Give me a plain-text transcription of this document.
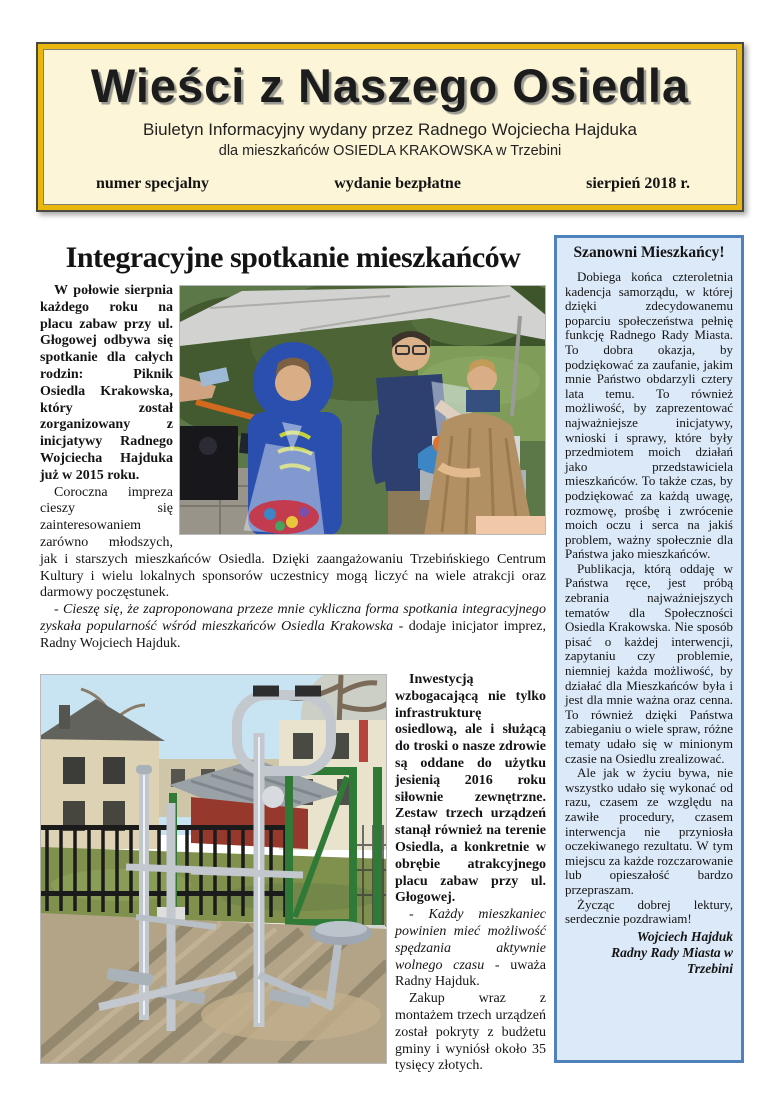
Wieści z Naszego Osiedla
Biuletyn Informacyjny wydany przez Radnego Wojciecha Hajduka
dla mieszkańców OSIEDLA KRAKOWSKA w Trzebini
numer specjalny	wydanie bezpłatne	sierpień 2018 r.
Integracyjne spotkanie mieszkańców

W połowie sierpnia każdego roku na placu zabaw przy ul. Głogowej odbywa się spotkanie dla całych rodzin: Piknik Osiedla Krakowska, który został zorganizowany z inicjatywy Radnego Wojciecha Hajduka już w 2015 roku.

Coroczna impreza cieszy się zainteresowaniem zarówno młodszych, jak i starszych mieszkańców Osiedla. Dzięki zaangażowaniu Trzebińskiego Centrum Kultury i wielu lokalnych sponsorów uczestnicy mogą liczyć na wiele atrakcji oraz darmowy poczęstunek.

- Cieszę się, że zaproponowana przeze mnie cykliczna forma spotkania integracyjnego zyskała popularność wśród mieszkańców Osiedla Krakowska - dodaje inicjator imprez, Radny Wojciech Hajduk.

Inwestycją wzbogacającą nie tylko infrastrukturę osiedlową, ale i służącą do troski o nasze zdrowie są oddane do użytku jesienią 2016 roku siłownie zewnętrzne. Zestaw trzech urządzeń stanął również na terenie Osiedla, a konkretnie w obrębie atrakcyjnego placu zabaw przy ul. Głogowej.

- Każdy mieszkaniec powinien mieć możliwość spędzania aktywnie wolnego czasu - uważa Radny Hajduk.

Zakup wraz z montażem trzech urządzeń został pokryty z budżetu gminy i wyniósł około 35 tysięcy złotych.

Szanowni Mieszkańcy!

Dobiega końca czteroletnia kadencja samorządu, w której dzięki zdecydowanemu poparciu społeczeństwa pełnię funkcję Radnego Rady Miasta. To dobra okazja, by podziękować za zaufanie, jakim mnie Państwo obdarzyli cztery lata temu. To również możliwość, by zaprezentować najważniejsze inicjatywy, wnioski i sprawy, które były przedmiotem moich działań jako przedstawiciela mieszkańców. To także czas, by podziękować za każdą uwagę, rozmowę, prośbę i zwrócenie moich oczu i serca na jakiś problem, ważny społecznie dla Państwa jako mieszkańców.

Publikacja, którą oddaję w Państwa ręce, jest próbą zebrania najważniejszych tematów dla Społeczności Osiedla Krakowska. Nie sposób pisać o każdej interwencji, zapytaniu czy problemie, niemniej każda możliwość, by działać dla Mieszkańców była i jest dla mnie ważna oraz cenna. To również dzięki Państwa zabieganiu o wiele spraw, różne tematy udało się w minionym czasie na Osiedlu zrealizować.

Ale jak w życiu bywa, nie wszystko udało się wykonać od razu, czasem ze względu na zawiłe procedury, czasem interwencja nie przyniosła oczekiwanego rezultatu. W tym miejscu za każde rozczarowanie lub opieszałość bardzo przepraszam.

Życząc dobrej lektury, serdecznie pozdrawiam!

Wojciech Hajduk
Radny Rady Miasta w Trzebini
